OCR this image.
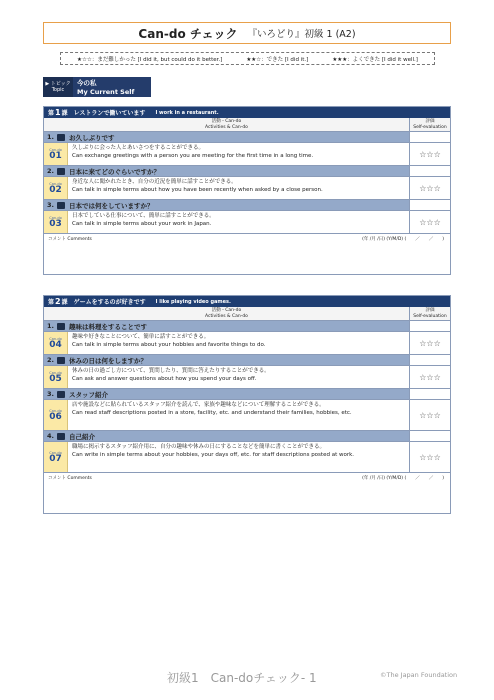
Can-do チェック 『いろどり』初級 1 (A2)
★☆☆：まだ難しかった [I did it, but could do it better.]	★★☆：できた [I did it.]	★★★：よくできた [I did it well.]
▶ トピック
Topic
今の私
My Current Self
第 1 課 レストランで働いています I work in a restaurant.
活動・Can-do
Activities & Can-do
評価
Self-evaluation
1. お久しぶりです
Can-do
01
久しぶりに会った人とあいさつをすることができる。
Can exchange greetings with a person you are meeting for the first time in a long time.	☆☆☆
2. 日本に来てどのぐらいですか？
Can-do
02
身近な人に聞かれたとき、自分の近況を簡単に話すことができる。
Can talk in simple terms about how you have been recently when asked by a close person.	☆☆☆
3. 日本では何をしていますか？
Can-do
03
日本でしている仕事について、簡単に話すことができる。
Can talk in simple terms about your work in Japan.	☆☆☆
コメント Comments	(年 /月 /日) (Y/M/D) (　　／　　／　　)
第 2 課 ゲームをするのが好きです I like playing video games.
活動・Can-do
Activities & Can-do
評価
Self-evaluation
1. 趣味は料理をすることです
Can-do
04
趣味や好きなことについて、簡単に話すことができる。
Can talk in simple terms about your hobbies and favorite things to do.	☆☆☆
2. 休みの日は何をしますか？
Can-do
05
休みの日の過ごし方について、質問したり、質問に答えたりすることができる。
Can ask and answer questions about how you spend your days off.	☆☆☆
3. スタッフ紹介
Can-do
06
店や施設などに貼られているスタッフ紹介を読んで、家族や趣味などについて理解することができる。
Can read staff descriptions posted in a store, facility, etc. and understand their families, hobbies, etc.	☆☆☆
4. 自己紹介
Can-do
07
職場に掲示するスタッフ紹介用に、自分の趣味や休みの日にすることなどを簡単に書くことができる。
Can write in simple terms about your hobbies, your days off, etc. for staff descriptions posted at work.	☆☆☆
コメント Comments	(年 /月 /日) (Y/M/D) (　　／　　／　　)
初級1　Can-doチェック- 1	©The Japan Foundation
